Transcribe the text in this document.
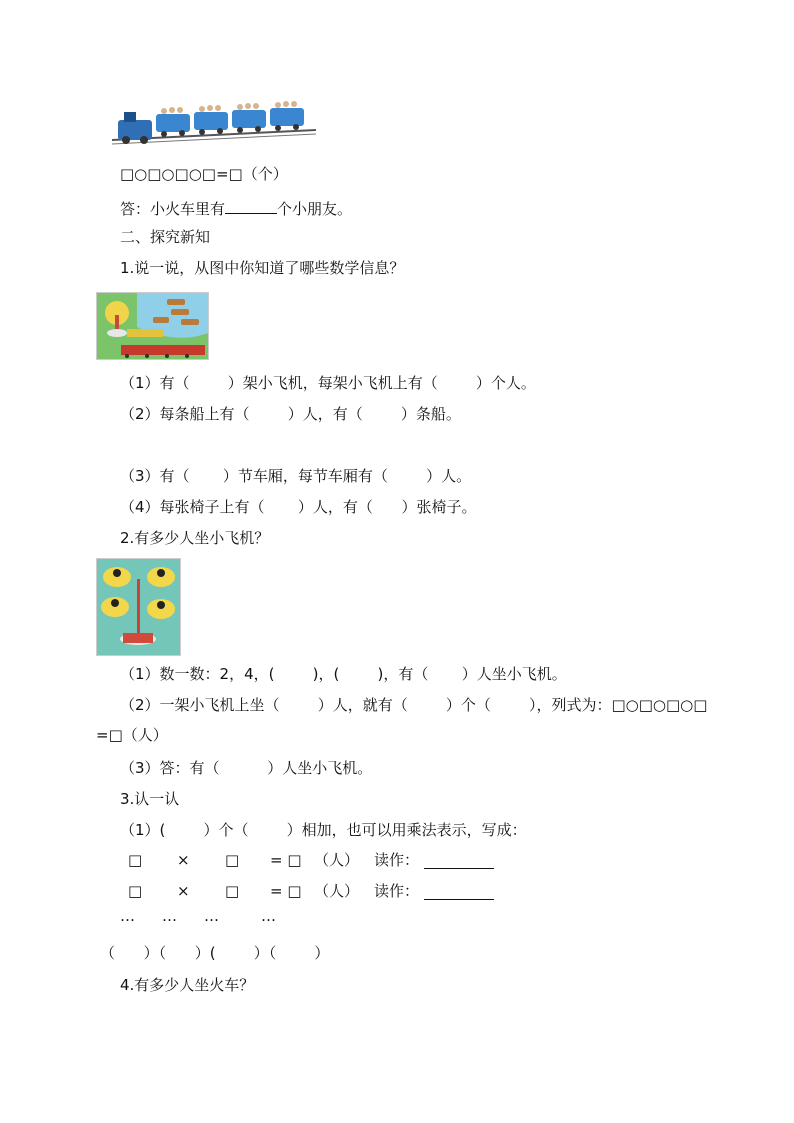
□○□○□○□=□（个）
答：小火车里有	个小朋友。
二、探究新知
1.说一说，从图中你知道了哪些数学信息？
（1）有（        ）架小飞机，每架小飞机上有（        ）个人。
（2）每条船上有（        ）人，有（        ）条船。
（3）有（       ）节车厢，每节车厢有（        ）人。
（4）每张椅子上有（       ）人，有（      ）张椅子。
2.有多少人坐小飞机？
（1）数一数：2，4，(        )，(        )，有（       ）人坐小飞机。
（2）一架小飞机上坐（        ）人，就有（        ）个（        ），列式为：□○□○□○□
=□（人）
（3）答：有（          ）人坐小飞机。
3.认一认
（1）(        ）个（        ）相加，也可以用乘法表示，写成：
□ × □ = □ （人） 读作：
□ × □ = □ （人） 读作：
… … …	…
（      ）（      ）(        ）（        ）
4.有多少人坐火车？
